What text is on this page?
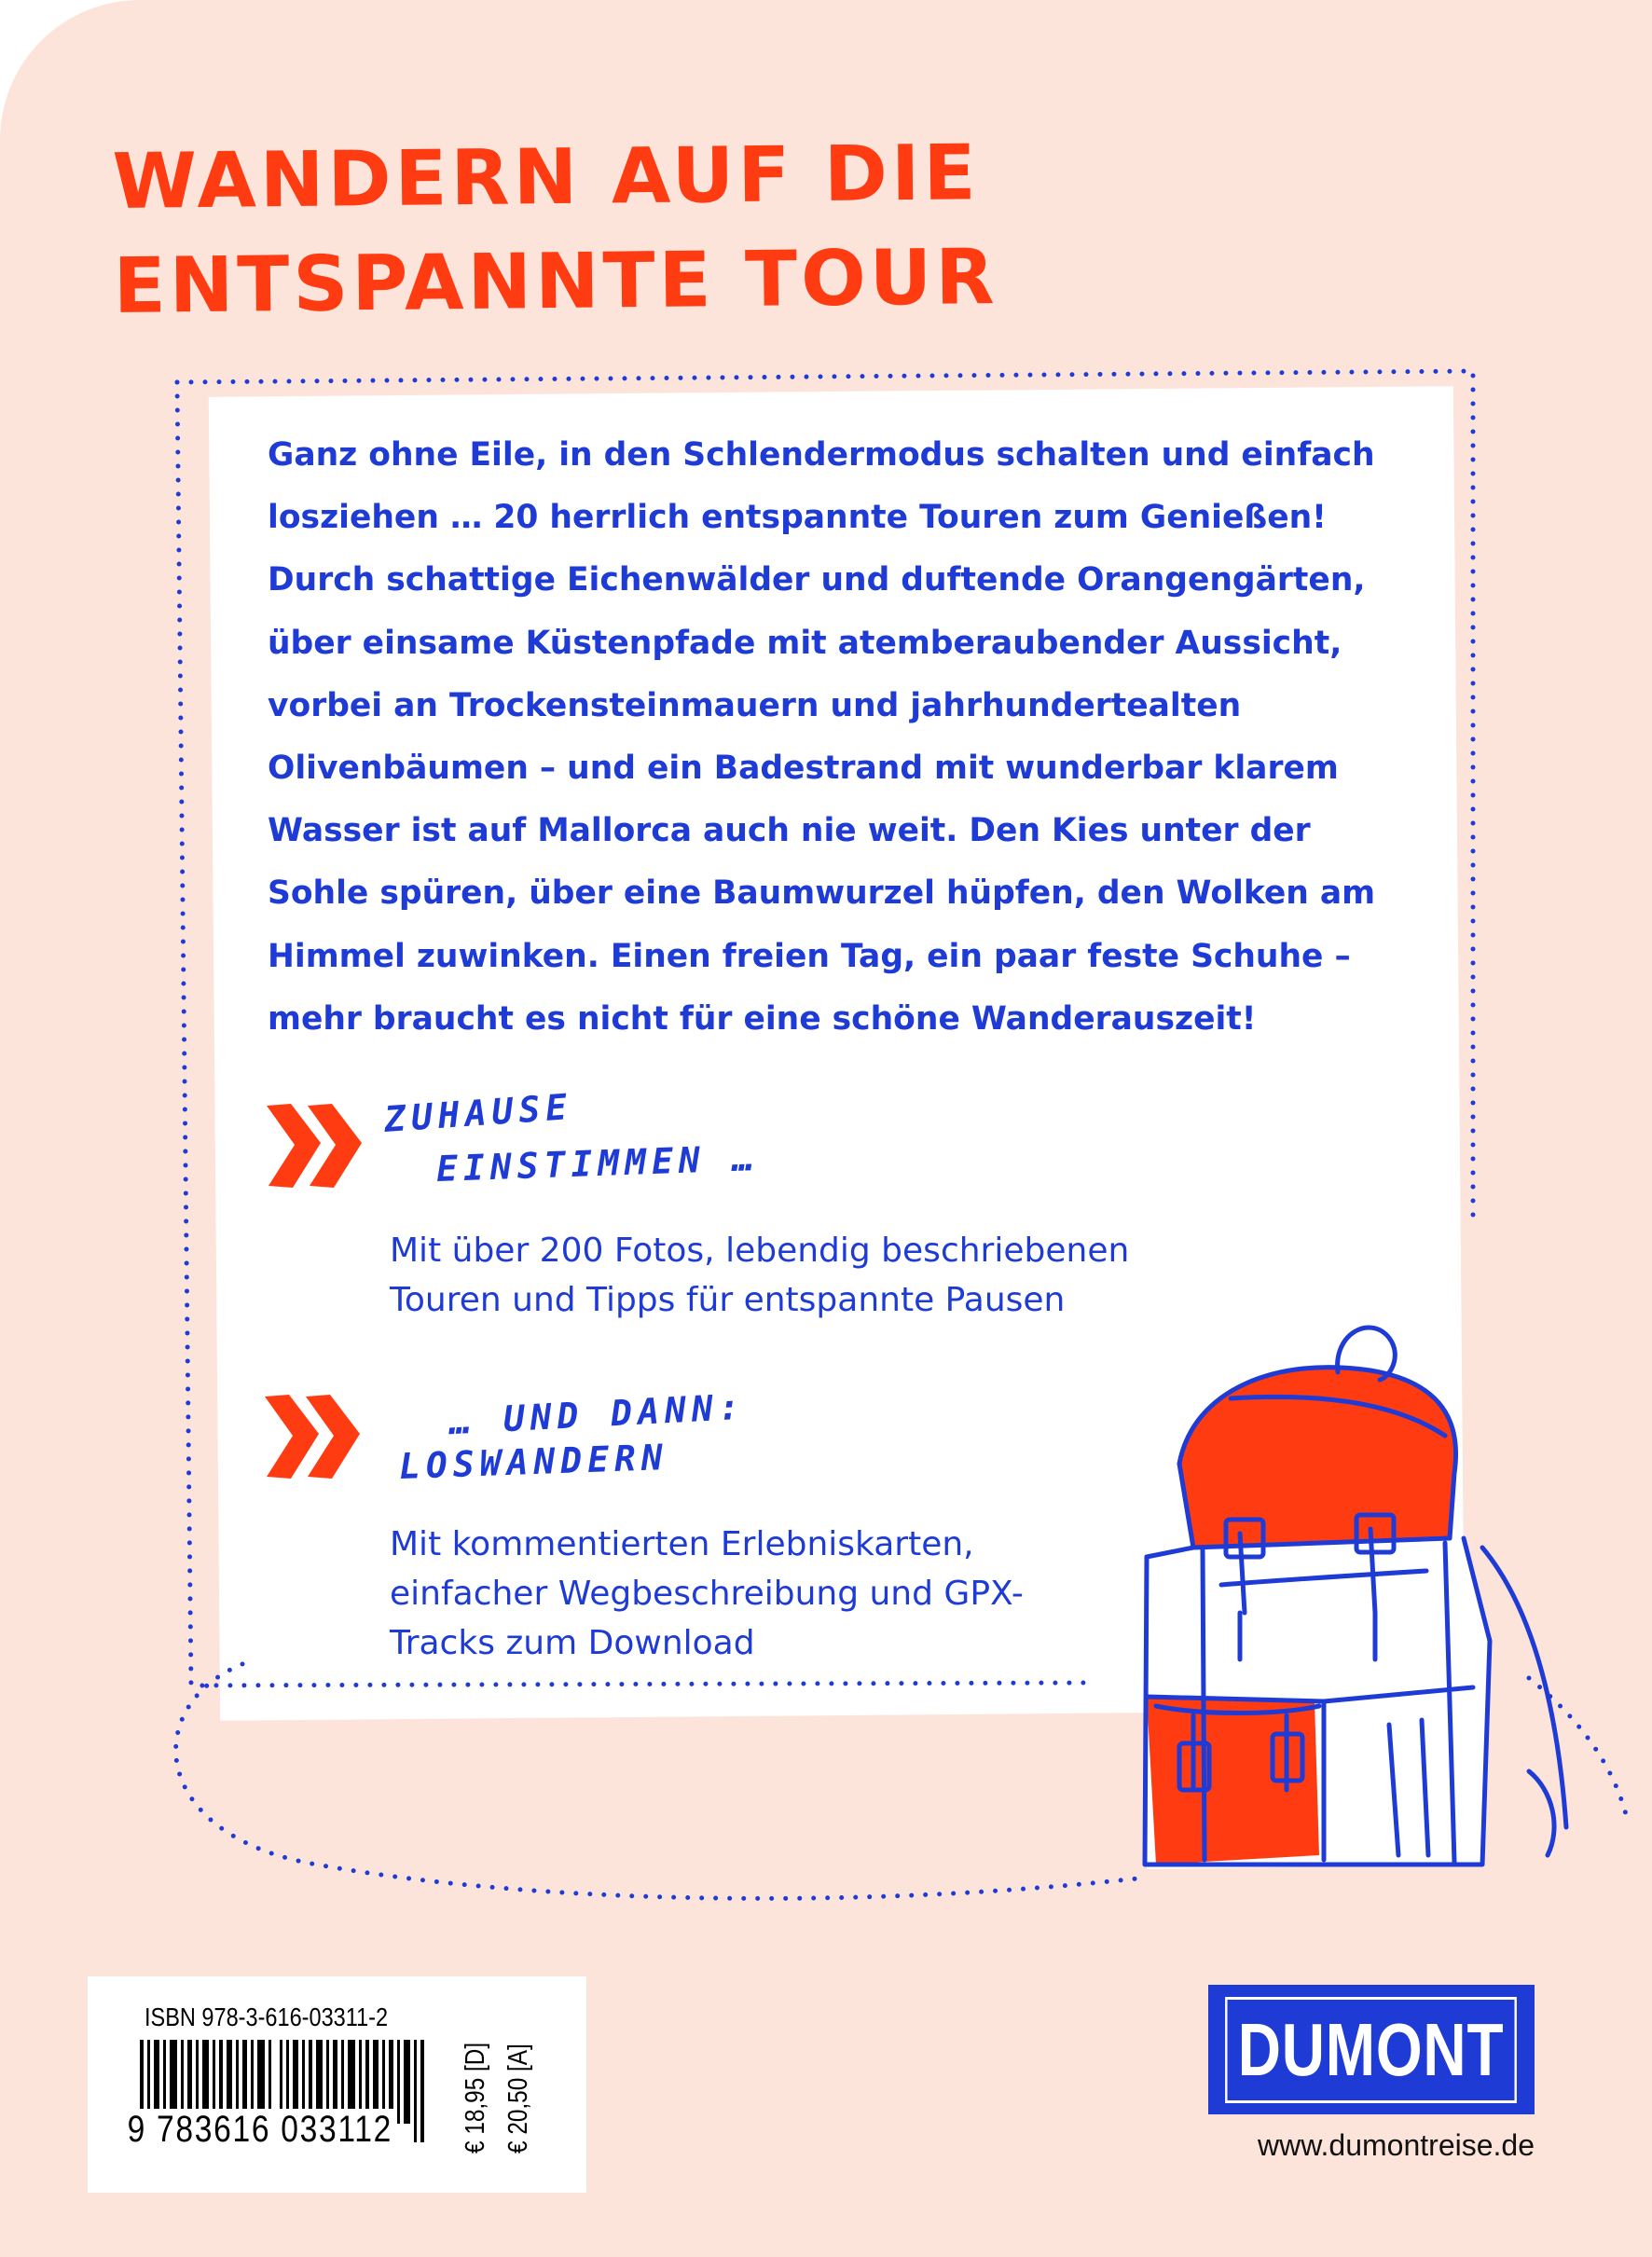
WANDERN AUF DIE
ENTSPANNTE TOUR

Ganz ohne Eile, in den Schlendermodus schalten und einfach
losziehen … 20 herrlich entspannte Touren zum Genießen!
Durch schattige Eichenwälder und duftende Orangengärten,
über einsame Küstenpfade mit atemberaubender Aussicht,
vorbei an Trockensteinmauern und jahrhundertealten
Olivenbäumen – und ein Badestrand mit wunderbar klarem
Wasser ist auf Mallorca auch nie weit. Den Kies unter der
Sohle spüren, über eine Baumwurzel hüpfen, den Wolken am
Himmel zuwinken. Einen freien Tag, ein paar feste Schuhe –
mehr braucht es nicht für eine schöne Wanderauszeit!

ZUHAUSE
EINSTIMMEN …
Mit über 200 Fotos, lebendig beschriebenen
Touren und Tipps für entspannte Pausen
… UND DANN:
LOSWANDERN
Mit kommentierten Erlebniskarten,
einfacher Wegbeschreibung und GPX-
Tracks zum Download
ISBN 978-3-616-03311-2
9 783616 033112	€ 18,95 [D] € 20,50 [A]	DUMONT
www.dumontreise.de
